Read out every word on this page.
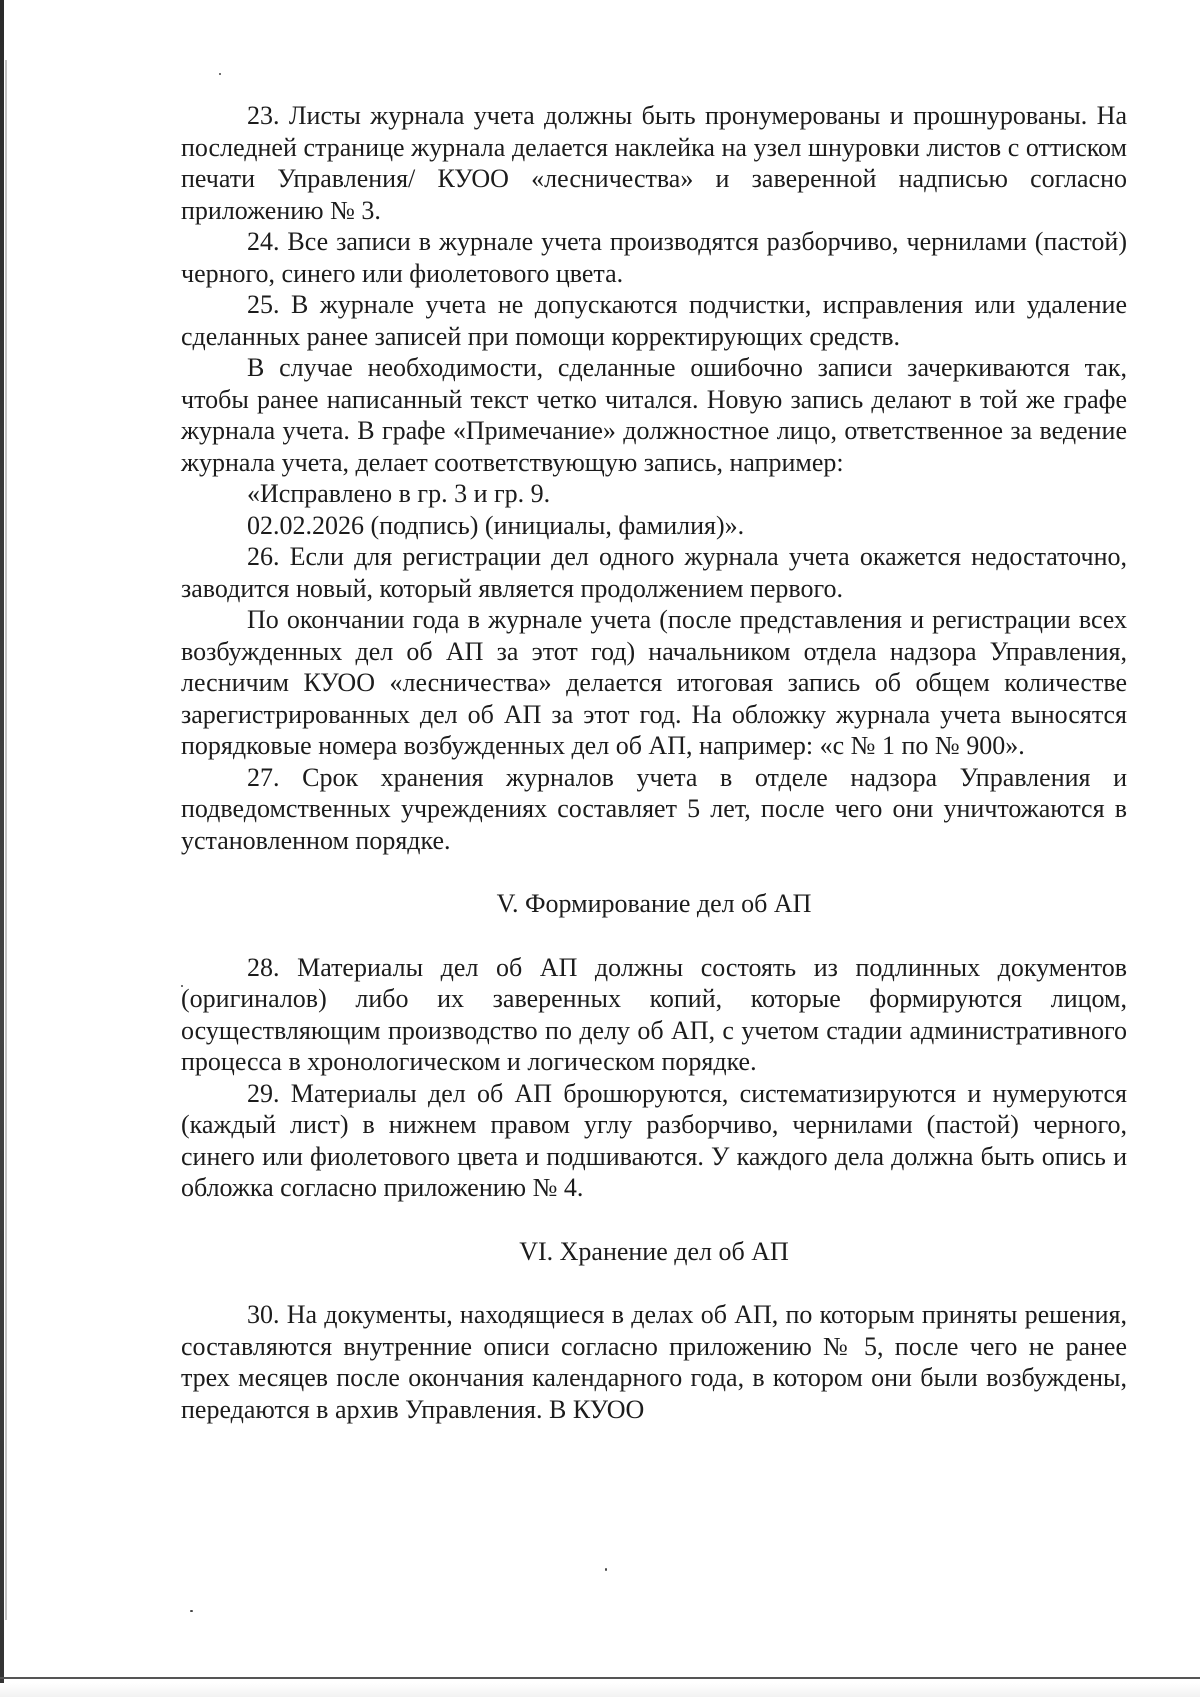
23. Листы журнала учета должны быть пронумерованы и прошнурованы. На последней странице журнала делается наклейка на узел шнуровки листов с оттиском печати Управления/ КУОО «лесничества» и заверенной надписью согласно приложению № 3.

24. Все записи в журнале учета производятся разборчиво, чернилами (пастой) черного, синего или фиолетового цвета.

25. В журнале учета не допускаются подчистки, исправления или удаление сделанных ранее записей при помощи корректирующих средств.

В случае необходимости, сделанные ошибочно записи зачеркиваются так, чтобы ранее написанный текст четко читался. Новую запись делают в той же графе журнала учета. В графе «Примечание» должностное лицо, ответственное за ведение журнала учета, делает соответствующую запись, например:

«Исправлено в гр. 3 и гр. 9.

02.02.2026 (подпись) (инициалы, фамилия)».

26. Если для регистрации дел одного журнала учета окажется недостаточно, заводится новый, который является продолжением первого.

По окончании года в журнале учета (после представления и регистрации всех возбужденных дел об АП за этот год) начальником отдела надзора Управления, лесничим КУОО «лесничества» делается итоговая запись об общем количестве зарегистрированных дел об АП за этот год. На обложку журнала учета выносятся порядковые номера возбужденных дел об АП, например: «с № 1 по № 900».

27. Срок хранения журналов учета в отделе надзора Управления и подведомственных учреждениях составляет 5 лет, после чего они уничтожаются в установленном порядке.

V. Формирование дел об АП

28. Материалы дел об АП должны состоять из подлинных документов (оригиналов) либо их заверенных копий, которые формируются лицом, осуществляющим производство по делу об АП, с учетом стадии административного процесса в хронологическом и логическом порядке.

29. Материалы дел об АП брошюруются, систематизируются и нумеруются (каждый лист) в нижнем правом углу разборчиво, чернилами (пастой) черного, синего или фиолетового цвета и подшиваются. У каждого дела должна быть опись и обложка согласно приложению № 4.

VI. Хранение дел об АП

30. На документы, находящиеся в делах об АП, по которым приняты решения, составляются внутренние описи согласно приложению № 5, после чего не ранее трех месяцев после окончания календарного года, в котором они были возбуждены, передаются в архив Управления. В КУОО
